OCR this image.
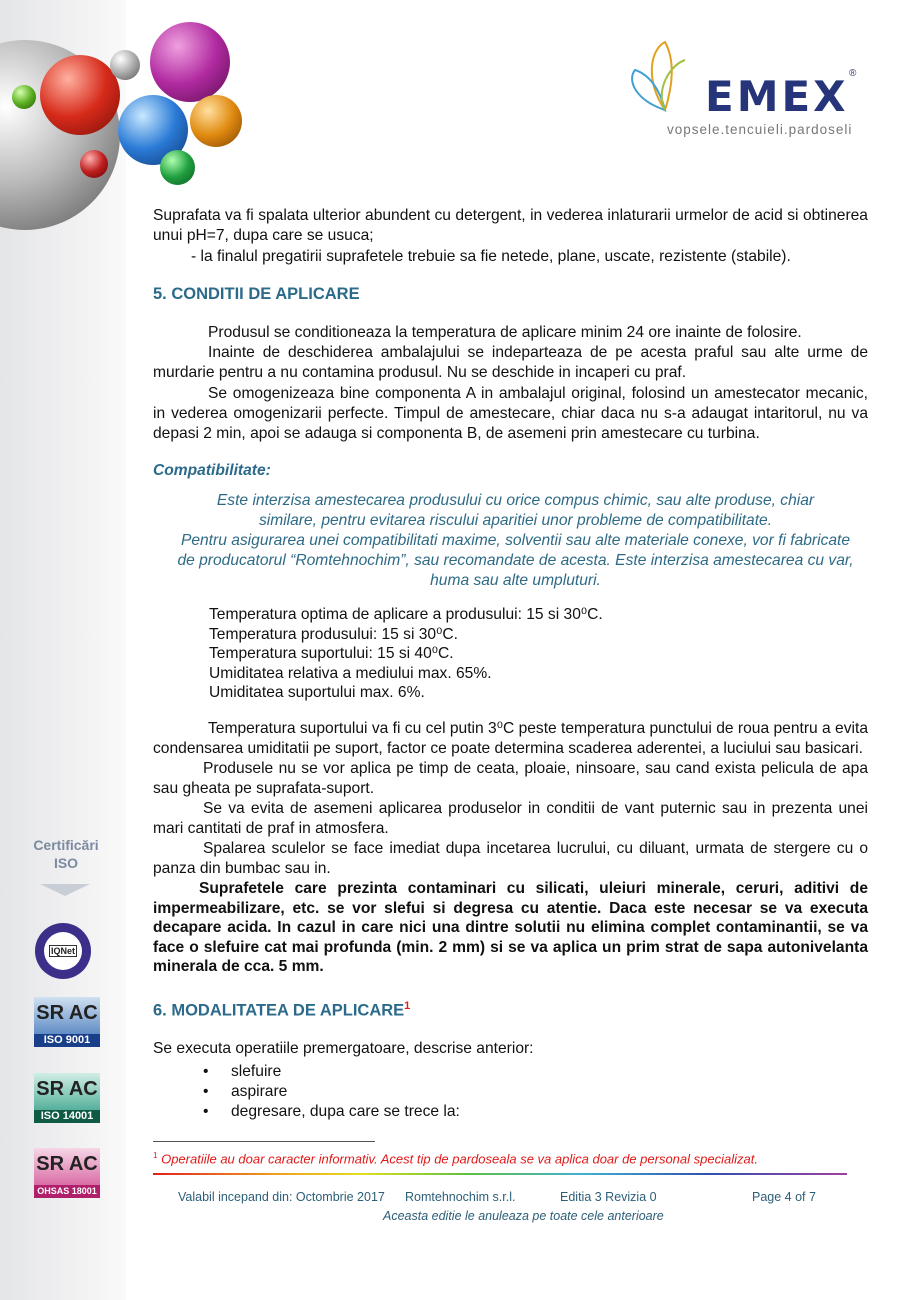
EMEX ®
vopsele.tencuieli.pardoseli
Certificări
ISO
IQNet
SR AC
ISO 9001
SR AC
ISO 14001
SR AC
OHSAS 18001
Suprafata va fi spalata ulterior abundent cu detergent, in vederea inlaturarii urmelor de acid si obtinerea unui pH=7, dupa care se usuca;
- la finalul pregatirii suprafetele trebuie sa fie netede, plane, uscate, rezistente (stabile).
5. CONDITII DE APLICARE
Produsul se conditioneaza la temperatura de aplicare minim 24 ore inainte de folosire.
Inainte de deschiderea ambalajului se indeparteaza de pe acesta praful sau alte urme de murdarie pentru a nu contamina produsul. Nu se deschide in incaperi cu praf.
Se omogenizeaza bine componenta A in ambalajul original, folosind un amestecator mecanic, in vederea omogenizarii perfecte. Timpul de amestecare, chiar daca nu s-a adaugat intaritorul, nu va depasi 2 min, apoi se adauga si componenta B, de asemeni prin amestecare cu turbina.
Compatibilitate:
Este interzisa amestecarea produsului cu orice compus chimic, sau alte produse, chiar similare, pentru evitarea riscului aparitiei unor probleme de compatibilitate.
Pentru asigurarea unei compatibilitati maxime, solventii sau alte materiale conexe, vor fi fabricate de producatorul “Romtehnochim”, sau recomandate de acesta. Este interzisa amestecarea cu var, huma sau alte umpluturi.
Temperatura optima de aplicare a produsului: 15 si 30⁰C.
Temperatura produsului: 15 si 30⁰C.
Temperatura suportului: 15 si 40⁰C.
Umiditatea relativa a mediului max. 65%.
Umiditatea suportului max. 6%.
Temperatura suportului va fi cu cel putin 3⁰C peste temperatura punctului de roua pentru a evita condensarea umiditatii pe suport, factor ce poate determina scaderea aderentei, a luciului sau basicari.
Produsele nu se vor aplica pe timp de ceata, ploaie, ninsoare, sau cand exista pelicula de apa sau gheata pe suprafata-suport.
Se va evita de asemeni aplicarea produselor in conditii de vant puternic sau in prezenta unei mari cantitati de praf in atmosfera.
Spalarea sculelor se face imediat dupa incetarea lucrului, cu diluant, urmata de stergere cu o panza din bumbac sau in.
Suprafetele care prezinta contaminari cu silicati, uleiuri minerale, ceruri, aditivi de impermeabilizare, etc. se vor slefui si degresa cu atentie. Daca este necesar se va executa decapare acida. In cazul in care nici una dintre solutii nu elimina complet contaminantii, se va face o slefuire cat mai profunda (min. 2 mm) si se va aplica un prim strat de sapa autonivelanta minerala de cca. 5 mm.
6. MODALITATEA DE APLICARE$^1$
Se executa operatiile premergatoare, descrise anterior:
• slefuire
• aspirare
• degresare, dupa care se trece la:
$^1$ Operatiile au doar caracter informativ. Acest tip de pardoseala se va aplica doar de personal specializat.
Valabil incepand din: Octombrie 2017 Romtehnochim s.r.l.	Editia 3 Revizia 0	Page 4 of 7
Aceasta editie le anuleaza pe toate cele anterioare
